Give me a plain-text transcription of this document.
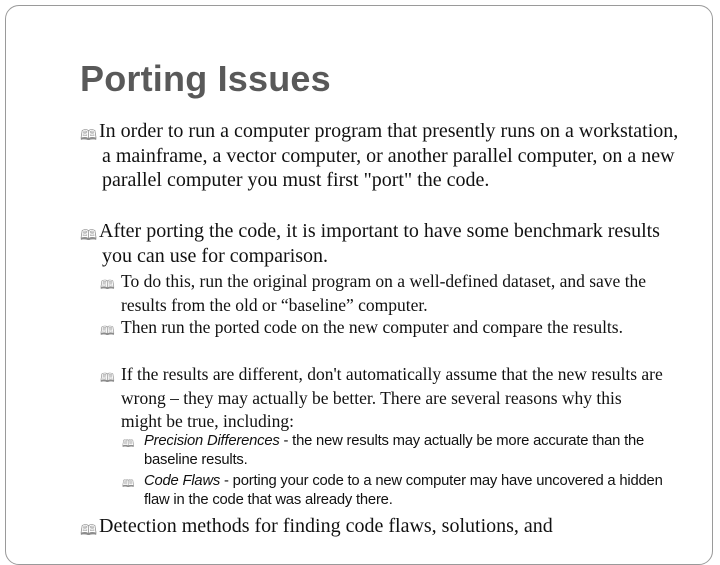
Porting Issues
🕮 In order to run a computer program that presently runs on a workstation, a mainframe, a vector computer, or another parallel computer, on a new parallel computer you must first "port" the code.
🕮 After porting the code, it is important to have some benchmark results you can use for comparison.
🕮 To do this, run the original program on a well-defined dataset, and save the results from the old or “baseline” computer.
🕮 Then run the ported code on the new computer and compare the results.
🕮 If the results are different, don't automatically assume that the new results are wrong – they may actually be better. There are several reasons why this might be true, including:
🕮 Precision Differences - the new results may actually be more accurate than the baseline results.
🕮 Code Flaws - porting your code to a new computer may have uncovered a hidden flaw in the code that was already there.
🕮 Detection methods for finding code flaws, solutions, and
